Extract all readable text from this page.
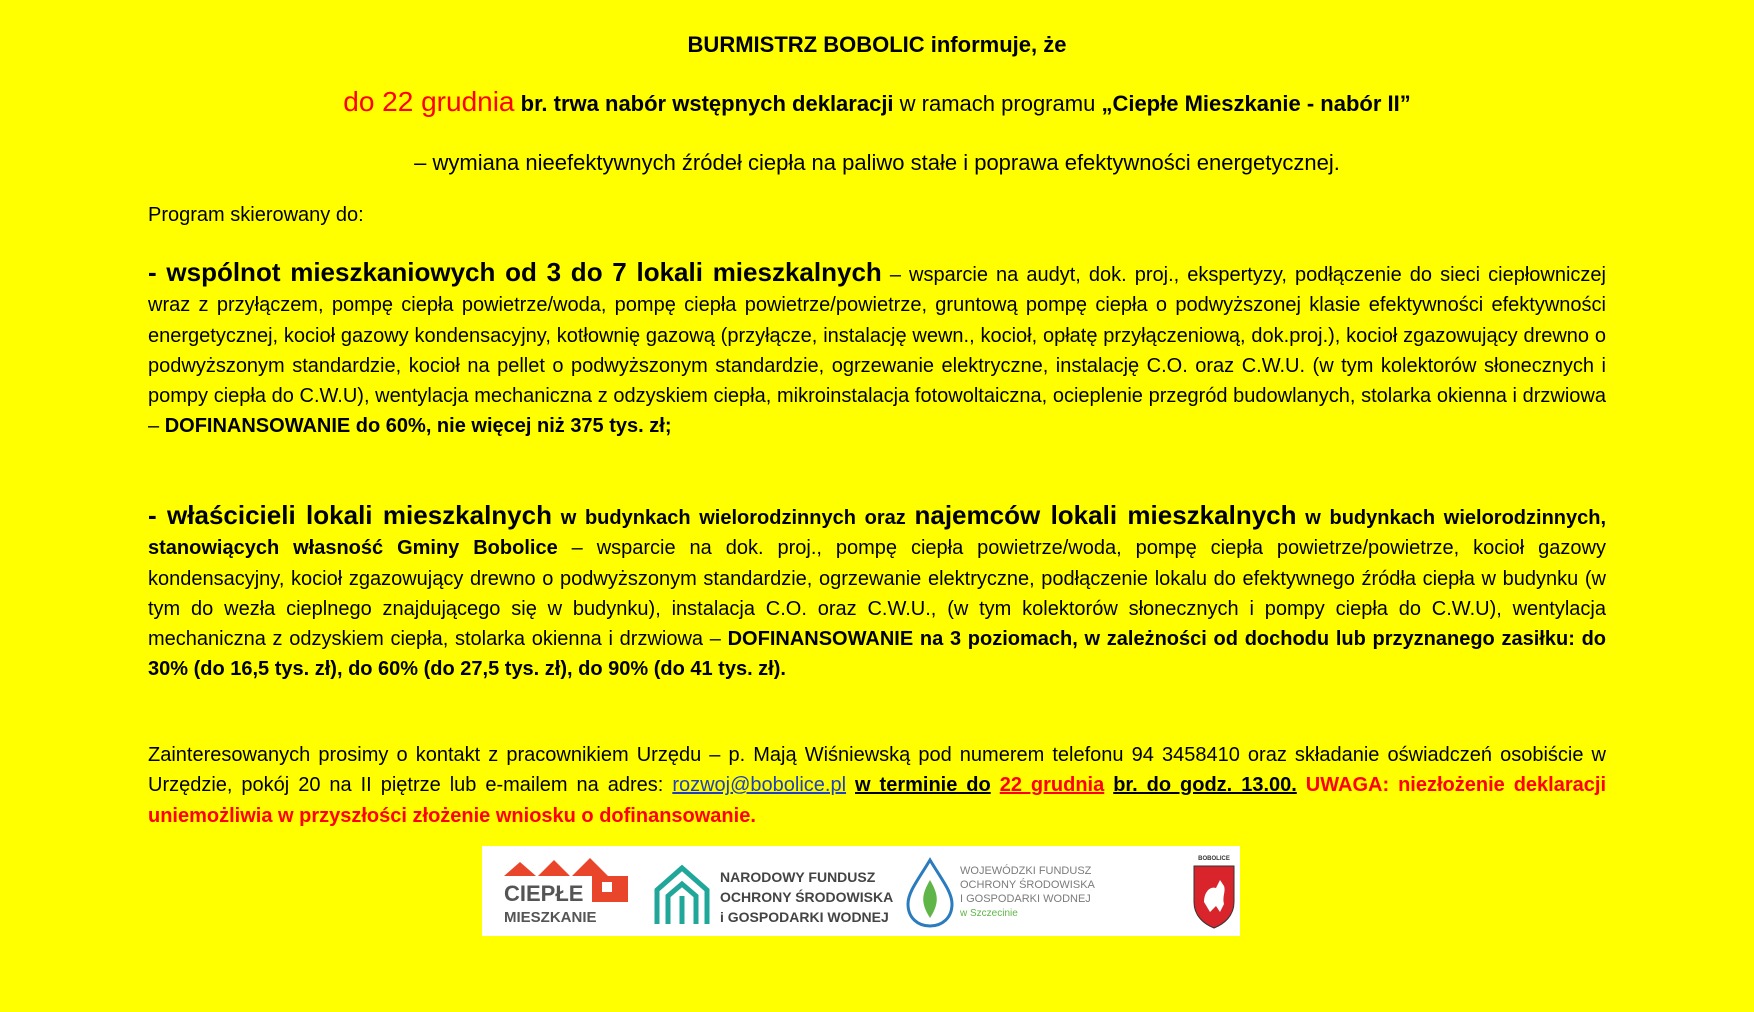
BURMISTRZ BOBOLIC informuje, że
do 22 grudnia br. trwa nabór wstępnych deklaracji w ramach programu „Ciepłe Mieszkanie - nabór II”
– wymiana nieefektywnych źródeł ciepła na paliwo stałe i poprawa efektywności energetycznej.
Program skierowany do:
- wspólnot mieszkaniowych od 3 do 7 lokali mieszkalnych – wsparcie na audyt, dok. proj., ekspertyzy, podłączenie do sieci ciepłowniczej wraz z przyłączem, pompę ciepła powietrze/woda, pompę ciepła powietrze/powietrze, gruntową pompę ciepła o podwyższonej klasie efektywności efektywności energetycznej, kocioł gazowy kondensacyjny, kotłownię gazową (przyłącze, instalację wewn., kocioł, opłatę przyłączeniową, dok.proj.), kocioł zgazowujący drewno o podwyższonym standardzie, kocioł na pellet o podwyższonym standardzie, ogrzewanie elektryczne, instalację C.O. oraz C.W.U. (w tym kolektorów słonecznych i pompy ciepła do C.W.U), wentylacja mechaniczna z odzyskiem ciepła, mikroinstalacja fotowoltaiczna, ocieplenie przegród budowlanych, stolarka okienna i drzwiowa – DOFINANSOWANIE do 60%, nie więcej niż 375 tys. zł;
- właścicieli lokali mieszkalnych w budynkach wielorodzinnych oraz najemców lokali mieszkalnych w budynkach wielorodzinnych, stanowiących własność Gminy Bobolice – wsparcie na dok. proj., pompę ciepła powietrze/woda, pompę ciepła powietrze/powietrze, kocioł gazowy kondensacyjny, kocioł zgazowujący drewno o podwyższonym standardzie, ogrzewanie elektryczne, podłączenie lokalu do efektywnego źródła ciepła w budynku (w tym do wezła cieplnego znajdującego się w budynku), instalacja C.O. oraz C.W.U., (w tym kolektorów słonecznych i pompy ciepła do C.W.U), wentylacja mechaniczna z odzyskiem ciepła, stolarka okienna i drzwiowa – DOFINANSOWANIE na 3 poziomach, w zależności od dochodu lub przyznanego zasiłku: do 30% (do 16,5 tys. zł), do 60% (do 27,5 tys. zł), do 90% (do 41 tys. zł).
Zainteresowanych prosimy o kontakt z pracownikiem Urzędu – p. Mają Wiśniewską pod numerem telefonu 94 3458410 oraz składanie oświadczeń osobiście w Urzędzie, pokój 20 na II piętrze lub e-mailem na adres: rozwoj@bobolice.pl w terminie do 22 grudnia br. do godz. 13.00. UWAGA: niezłożenie deklaracji uniemożliwia w przyszłości złożenie wniosku o dofinansowanie.
CIEPŁE
MIESZKANIE
NARODOWY FUNDUSZ
OCHRONY ŚRODOWISKA
i GOSPODARKI WODNEJ
WOJEWÓDZKI FUNDUSZ
OCHRONY ŚRODOWISKA
I GOSPODARKI WODNEJ
w Szczecinie
BOBOLICE
